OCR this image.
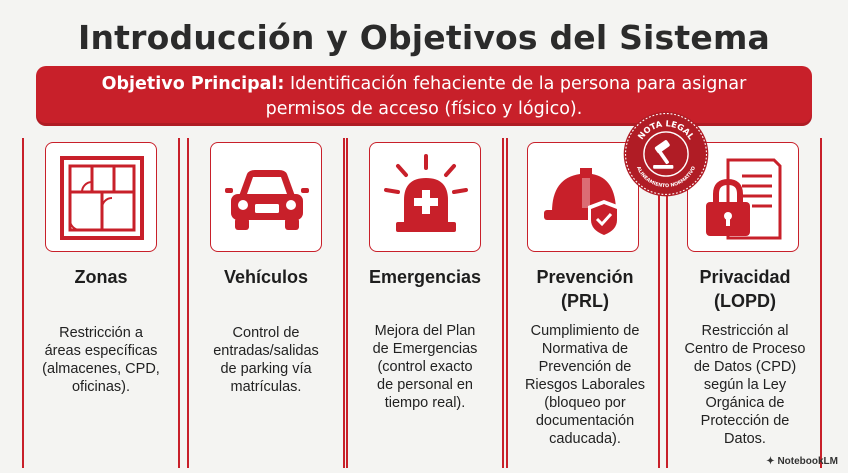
Introducción y Objetivos del Sistema
Objetivo Principal: Identificación fehaciente de la persona para asignar
permisos de acceso (físico y lógico).
Zonas
Restricción a
áreas específicas
(almacenes, CPD,
oficinas).
Vehículos
Control de
entradas/salidas
de parking vía
matrículas.
Emergencias
Mejora del Plan
de Emergencias
(control exacto
de personal en
tiempo real).
Prevención
(PRL)
Cumplimiento de
Normativa de
Prevención de
Riesgos Laborales
(bloqueo por
documentación
caducada).
Privacidad
(LOPD)
Restricción al
Centro de Proceso
de Datos (CPD)
según la Ley
Orgánica de
Protección de
Datos.
NOTA LEGAL
ALINEAMIENTO NORMATIVO
✦ NotebookLM
